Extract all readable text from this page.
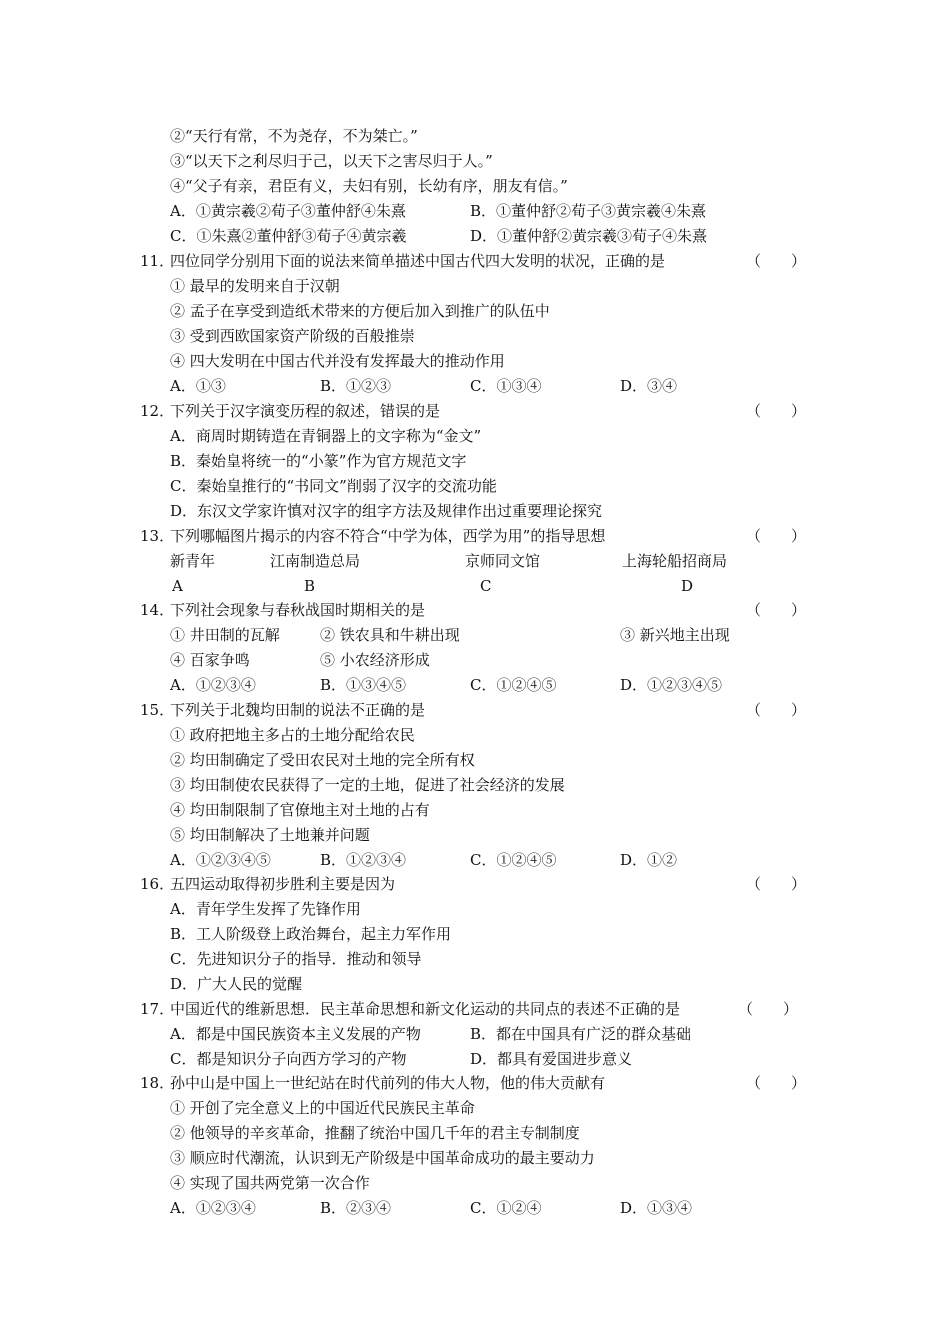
②“天行有常，不为尧存，不为桀亡。”
③“以天下之利尽归于己，以天下之害尽归于人。”
④“父子有亲，君臣有义，夫妇有别，长幼有序，朋友有信。”
A．①黄宗羲②荀子③董仲舒④朱熹	B．①董仲舒②荀子③黄宗羲④朱熹
C．①朱熹②董仲舒③荀子④黄宗羲	D．①董仲舒②黄宗羲③荀子④朱熹
11．
四位同学分别用下面的说法来简单描述中国古代四大发明的状况，正确的是	（　　）
① 最早的发明来自于汉朝
② 孟子在享受到造纸术带来的方便后加入到推广的队伍中
③ 受到西欧国家资产阶级的百般推崇
④ 四大发明在中国古代并没有发挥最大的推动作用
A．①③	B．①②③	C．①③④	D．③④
12．
下列关于汉字演变历程的叙述，错误的是	（　　）
A．商周时期铸造在青铜器上的文字称为“金文”
B．秦始皇将统一的“小篆”作为官方规范文字
C．秦始皇推行的“书同文”削弱了汉字的交流功能
D．东汉文学家许慎对汉字的组字方法及规律作出过重要理论探究
13．
下列哪幅图片揭示的内容不符合“中学为体，西学为用”的指导思想	（　　）
新青年	江南制造总局	京师同文馆	上海轮船招商局
A	B	C	D
14．
下列社会现象与春秋战国时期相关的是	（　　）
① 井田制的瓦解	② 铁农具和牛耕出现	③ 新兴地主出现
④ 百家争鸣	⑤ 小农经济形成
A．①②③④	B．①③④⑤	C．①②④⑤	D．①②③④⑤
15．
下列关于北魏均田制的说法不正确的是	（　　）
① 政府把地主多占的土地分配给农民
② 均田制确定了受田农民对土地的完全所有权
③ 均田制使农民获得了一定的土地，促进了社会经济的发展
④ 均田制限制了官僚地主对土地的占有
⑤ 均田制解决了土地兼并问题
A．①②③④⑤	B．①②③④	C．①②④⑤	D．①②
16．
五四运动取得初步胜利主要是因为	（　　）
A．青年学生发挥了先锋作用
B．工人阶级登上政治舞台，起主力军作用
C．先进知识分子的指导．推动和领导
D．广大人民的觉醒
17．
中国近代的维新思想．民主革命思想和新文化运动的共同点的表述不正确的是	（　　）
A．都是中国民族资本主义发展的产物	B．都在中国具有广泛的群众基础
C．都是知识分子向西方学习的产物	D．都具有爱国进步意义
18．
孙中山是中国上一世纪站在时代前列的伟大人物，他的伟大贡献有	（　　）
① 开创了完全意义上的中国近代民族民主革命
② 他领导的辛亥革命，推翻了统治中国几千年的君主专制制度
③ 顺应时代潮流，认识到无产阶级是中国革命成功的最主要动力
④ 实现了国共两党第一次合作
A．①②③④	B．②③④	C．①②④	D．①③④
